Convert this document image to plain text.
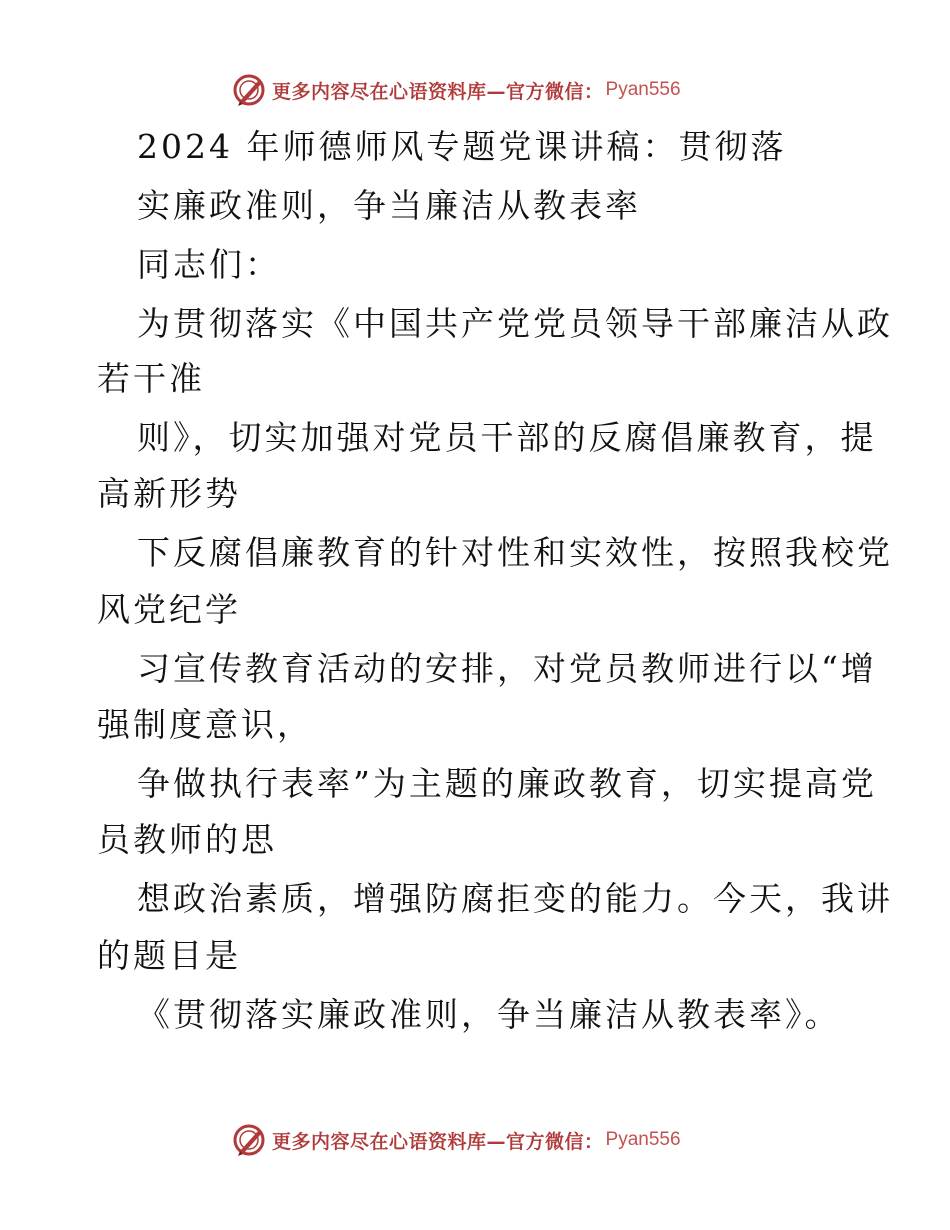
更多内容尽在心语资料库—官方微信： Pyan556
2024 年师德师风专题党课讲稿：贯彻落
实廉政准则，争当廉洁从教表率
同志们：
为贯彻落实《中国共产党党员领导干部廉洁从政
若干准
则》，切实加强对党员干部的反腐倡廉教育，提
高新形势
下反腐倡廉教育的针对性和实效性，按照我校党
风党纪学
习宣传教育活动的安排，对党员教师进行以“增
强制度意识，
争做执行表率”为主题的廉政教育，切实提高党
员教师的思
想政治素质，增强防腐拒变的能力。今天，我讲
的题目是
《贯彻落实廉政准则，争当廉洁从教表率》。
更多内容尽在心语资料库—官方微信： Pyan556
